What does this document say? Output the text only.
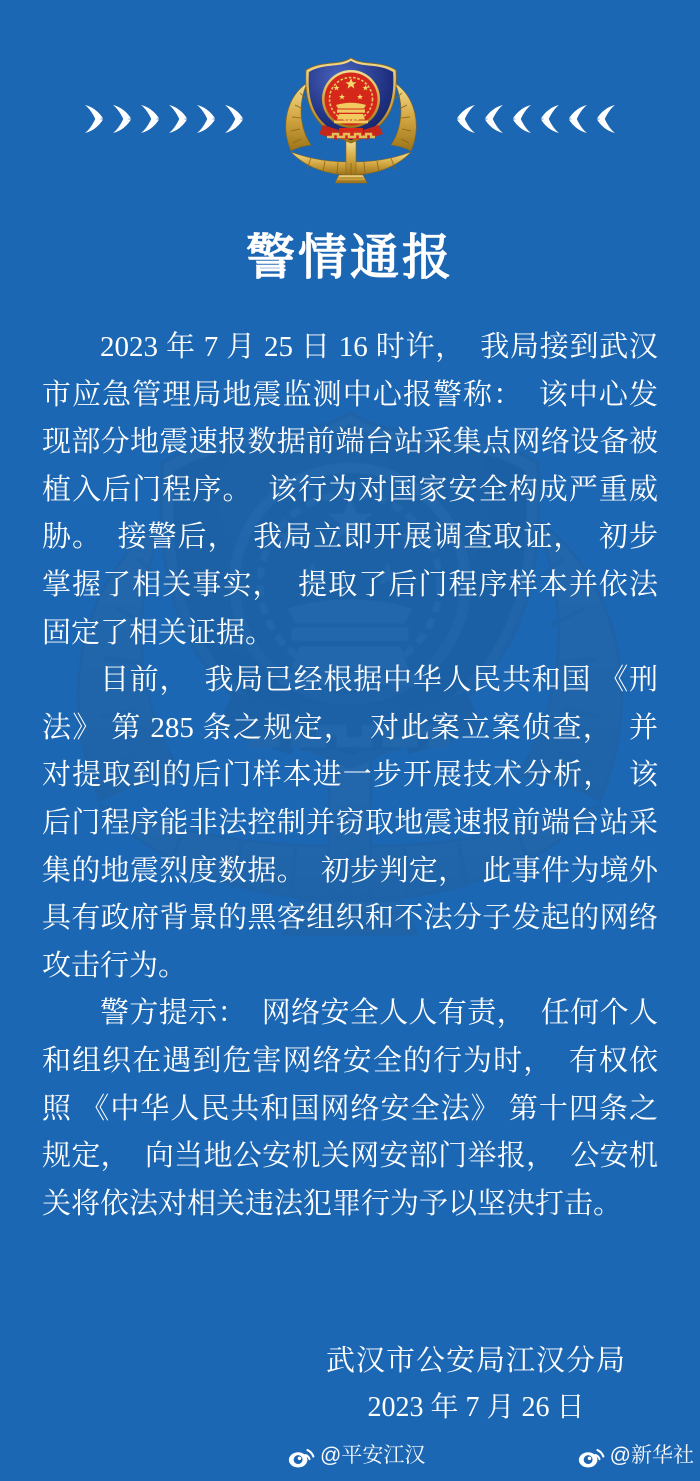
警情通报

2023 年 7 月 25 日 16 时许，　我局接到武汉市应急管理局地震监测中心报警称：　该中心发现部分地震速报数据前端台站采集点网络设备被植入后门程序。　该行为对国家安全构成严重威胁。　接警后，　我局立即开展调查取证，　初步掌握了相关事实，　提取了后门程序样本并依法固定了相关证据。

目前，　我局已经根据中华人民共和国 《刑法》 第 285 条之规定，　对此案立案侦查，　并对提取到的后门样本进一步开展技术分析，　该后门程序能非法控制并窃取地震速报前端台站采集的地震烈度数据。　初步判定，　此事件为境外具有政府背景的黑客组织和不法分子发起的网络攻击行为。

警方提示：　网络安全人人有责，　任何个人和组织在遇到危害网络安全的行为时，　有权依照 《中华人民共和国网络安全法》 第十四条之规定，　向当地公安机关网安部门举报，　公安机关将依法对相关违法犯罪行为予以坚决打击。

武汉市公安局江汉分局
2023 年 7 月 26 日
@平安江汉	@新华社
